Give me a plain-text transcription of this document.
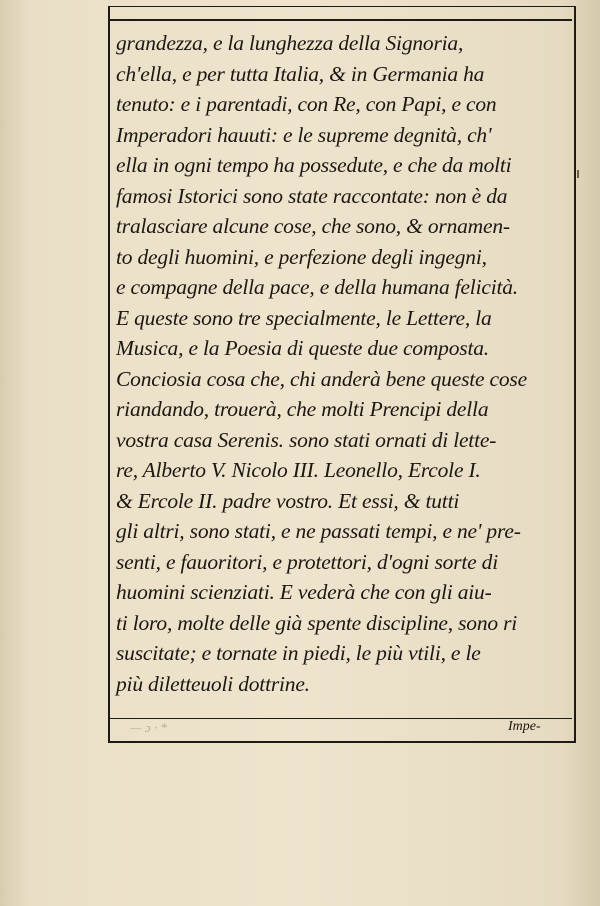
grandezza, e la lunghezza della Signoria,
ch'ella, e per tutta Italia, & in Germania ha
tenuto: e i parentadi, con Re, con Papi, e con
Imperadori hauuti: e le supreme degnità, ch'
ella in ogni tempo ha possedute, e che da molti
famosi Istorici sono state raccontate: non è da
tralasciare alcune cose, che sono, & ornamen-
to degli huomini, e perfezione degli ingegni,
e compagne della pace, e della humana felicità.
E queste sono tre specialmente, le Lettere, la
Musica, e la Poesia di queste due composta.
Conciosia cosa che, chi anderà bene queste cose
riandando, trouerà, che molti Prencipi della
vostra casa Serenis. sono stati ornati di lette-
re, Alberto V. Nicolo III. Leonello, Ercole I.
& Ercole II. padre vostro. Et essi, & tutti
gli altri, sono stati, e ne passati tempi, e ne' pre-
senti, e fauoritori, e protettori, d'ogni sorte di
huomini scienziati. E vederà che con gli aiu-
ti loro, molte delle già spente discipline, sono ri
suscitate; e tornate in piedi, le più vtili, e le
più diletteuoli dottrine.
— ɔ · *	Impe-
